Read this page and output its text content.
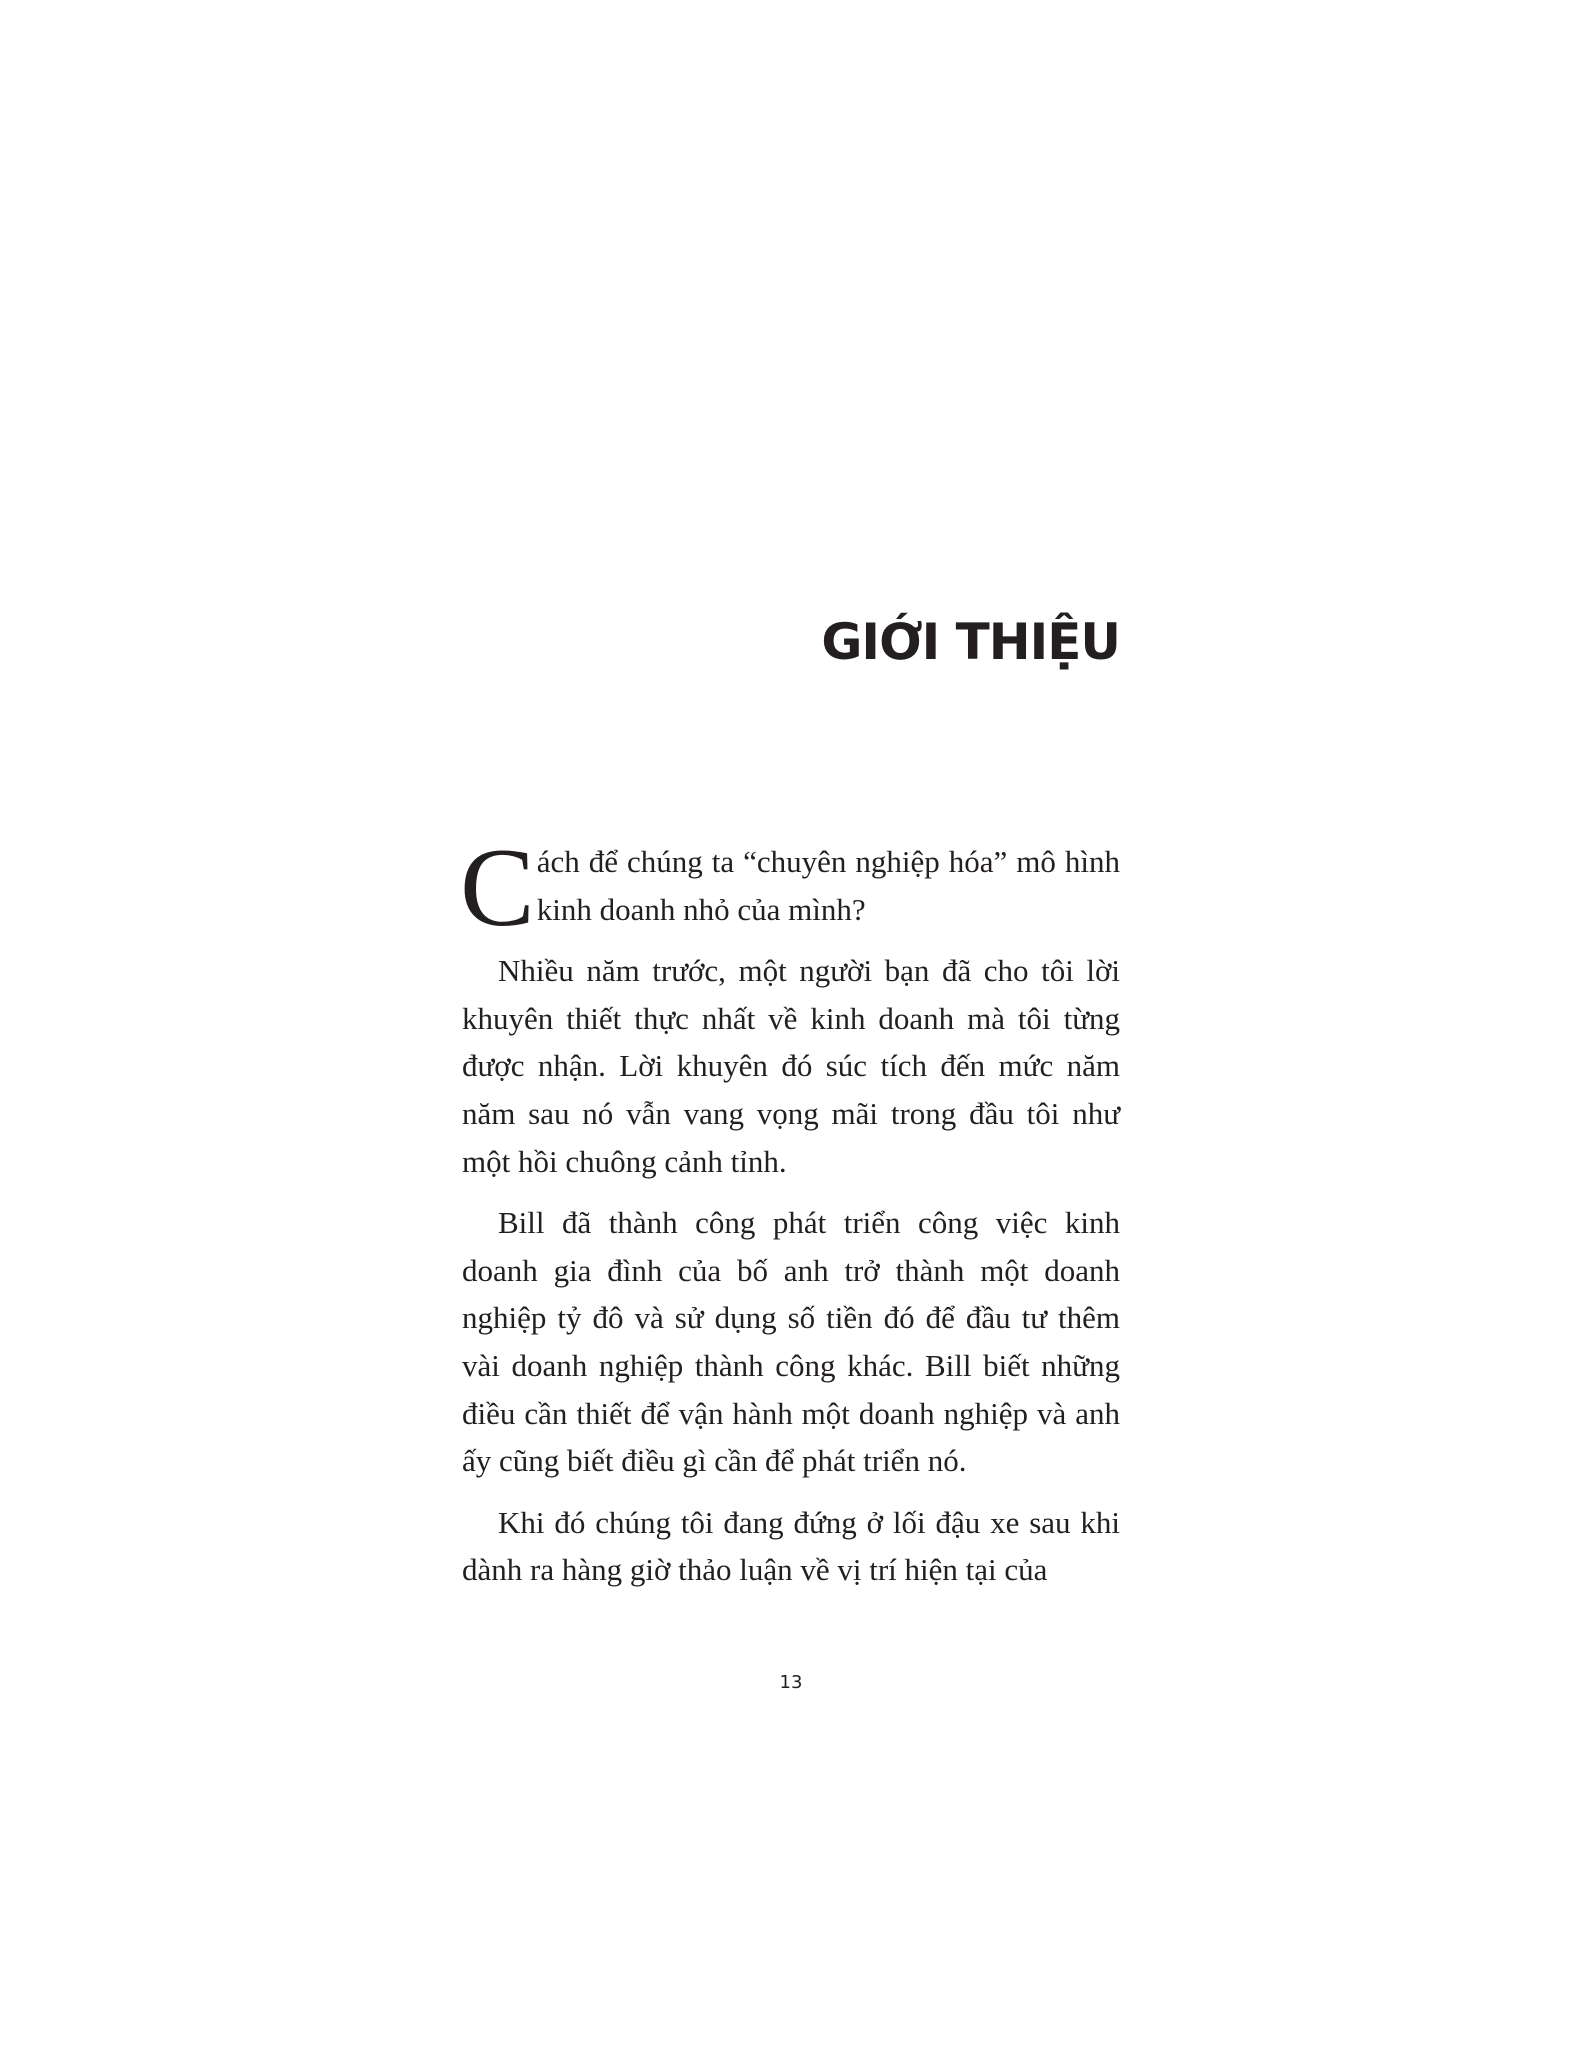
GIỚI THIỆU

Cách để chúng ta “chuyên nghiệp hóa” mô hình kinh doanh nhỏ của mình?

Nhiều năm trước, một người bạn đã cho tôi lời khuyên thiết thực nhất về kinh doanh mà tôi từng được nhận. Lời khuyên đó súc tích đến mức năm năm sau nó vẫn vang vọng mãi trong đầu tôi như một hồi chuông cảnh tỉnh.

Bill đã thành công phát triển công việc kinh doanh gia đình của bố anh trở thành một doanh nghiệp tỷ đô và sử dụng số tiền đó để đầu tư thêm vài doanh nghiệp thành công khác. Bill biết những điều cần thiết để vận hành một doanh nghiệp và anh ấy cũng biết điều gì cần để phát triển nó.

Khi đó chúng tôi đang đứng ở lối đậu xe sau khi dành ra hàng giờ thảo luận về vị trí hiện tại của

13
